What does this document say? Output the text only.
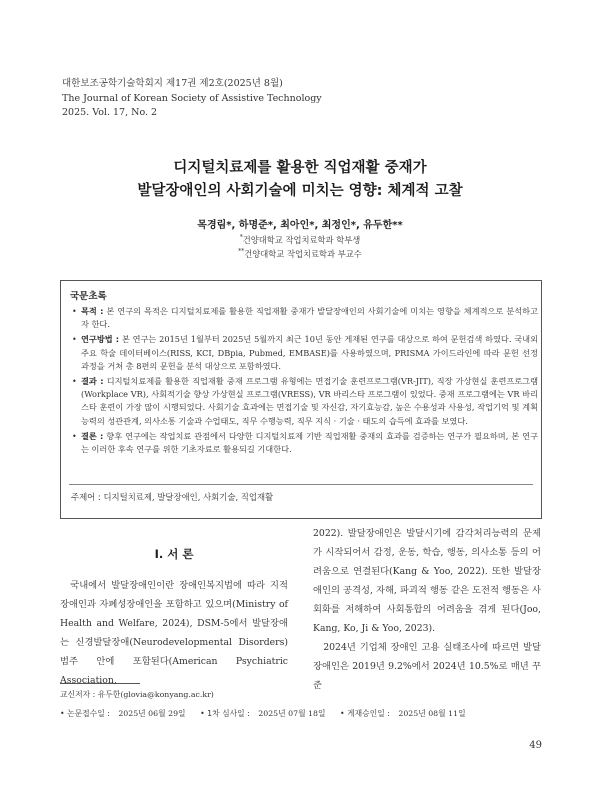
대한보조공학기술학회지 제17권 제2호(2025년 8월)
The Journal of Korean Society of Assistive Technology
2025. Vol. 17, No. 2
디지털치료제를 활용한 직업재활 중재가
발달장애인의 사회기술에 미치는 영향: 체계적 고찰
목경림*, 하명준*, 최아인*, 최정인*, 유두한**
*건양대학교 작업치료학과 학부생
**건양대학교 작업치료학과 부교수
국문초록
• 목적 : 본 연구의 목적은 디지털치료제를 활용한 직업재활 중재가 발달장애인의 사회기술에 미치는 영향을 체계적으로 분석하고자 한다.
• 연구방법 : 본 연구는 2015년 1월부터 2025년 5월까지 최근 10년 동안 게재된 연구를 대상으로 하여 문헌검색 하였다. 국내외 주요 학술 데이터베이스(RISS, KCI, DBpia, Pubmed, EMBASE)를 사용하였으며, PRISMA 가이드라인에 따라 문헌 선정 과정을 거쳐 총 8편의 문헌을 분석 대상으로 포함하였다.
• 결과 : 디지털치료제를 활용한 직업재활 중재 프로그램 유형에는 면접기술 훈련프로그램(VR-JIT), 직장 가상현실 훈련프로그램(Workplace VR), 사회적기술 향상 가상현실 프로그램(VRESS), VR 바리스타 프로그램이 있었다. 중재 프로그램에는 VR 바리스타 훈련이 가장 많이 시행되었다. 사회기술 효과에는 면접기술 및 자신감, 자기효능감, 높은 수용성과 사용성, 작업기억 및 계획능력의 성관관계, 의사소통 기술과 수업태도, 직무 수행능력, 직무 지식 · 기술 · 태도의 습득에 효과를 보였다.
• 결론 : 향후 연구에는 작업치료 관점에서 다양한 디지털치료제 기반 직업재활 중재의 효과를 검증하는 연구가 필요하며, 본 연구는 이러한 후속 연구를 위한 기초자료로 활용되길 기대한다.
주제어 : 디지털치료제, 발달장애인, 사회기술, 직업재활
Ⅰ. 서 론

국내에서 발달장애인이란 장애인복지법에 따라 지적장애인과 자폐성장애인을 포함하고 있으며(Ministry of Health and Welfare, 2024), DSM-5에서 발달장애는 신경발달장애(Neurodevelopmental Disorders) 범주 안에 포함된다(American Psychiatric Association,

2022). 발달장애인은 발달시기에 감각처리능력의 문제가 시작되어서 감정, 운동, 학습, 행동, 의사소통 등의 어려움으로 연결된다(Kang & Yoo, 2022). 또한 발달장애인의 공격성, 자해, 파괴적 행동 같은 도전적 행동은 사회화를 저해하여 사회통합의 어려움을 겪게 된다(Joo, Kang, Ko, Ji & Yoo, 2023).
2024년 기업체 장애인 고용 실태조사에 따르면 발달장애인은 2019년 9.2%에서 2024년 10.5%로 매년 꾸준
교신저자 : 유두한(glovia@konyang.ac.kr)
• 논문접수일 : 2025년 06월 29일 • 1차 심사일 : 2025년 07월 18일 • 게재승인일 : 2025년 08월 11일
49
